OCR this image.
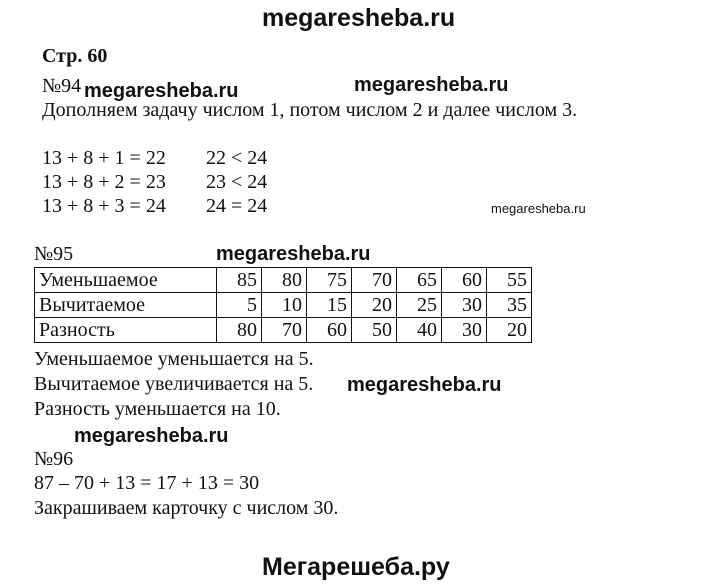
megaresheba.ru
megaresheba.ru	megaresheba.ru
megaresheba.ru
megaresheba.ru
megaresheba.ru
megaresheba.ru
Мегарешеба.ру
Стр. 60
№94
Дополняем задачу числом 1, потом числом 2 и далее числом 3.
13 + 8 + 1 = 22 22 < 24
13 + 8 + 2 = 23 23 < 24
13 + 8 + 3 = 24 24 = 24
№95
Уменьшаемое	85	80	75	70	65	60	55
Вычитаемое	5	10	15	20	25	30	35
Разность	80	70	60	50	40	30	20
Уменьшаемое уменьшается на 5.
Вычитаемое увеличивается на 5.
Разность уменьшается на 10.
№96
87 – 70 + 13 = 17 + 13 = 30
Закрашиваем карточку с числом 30.
